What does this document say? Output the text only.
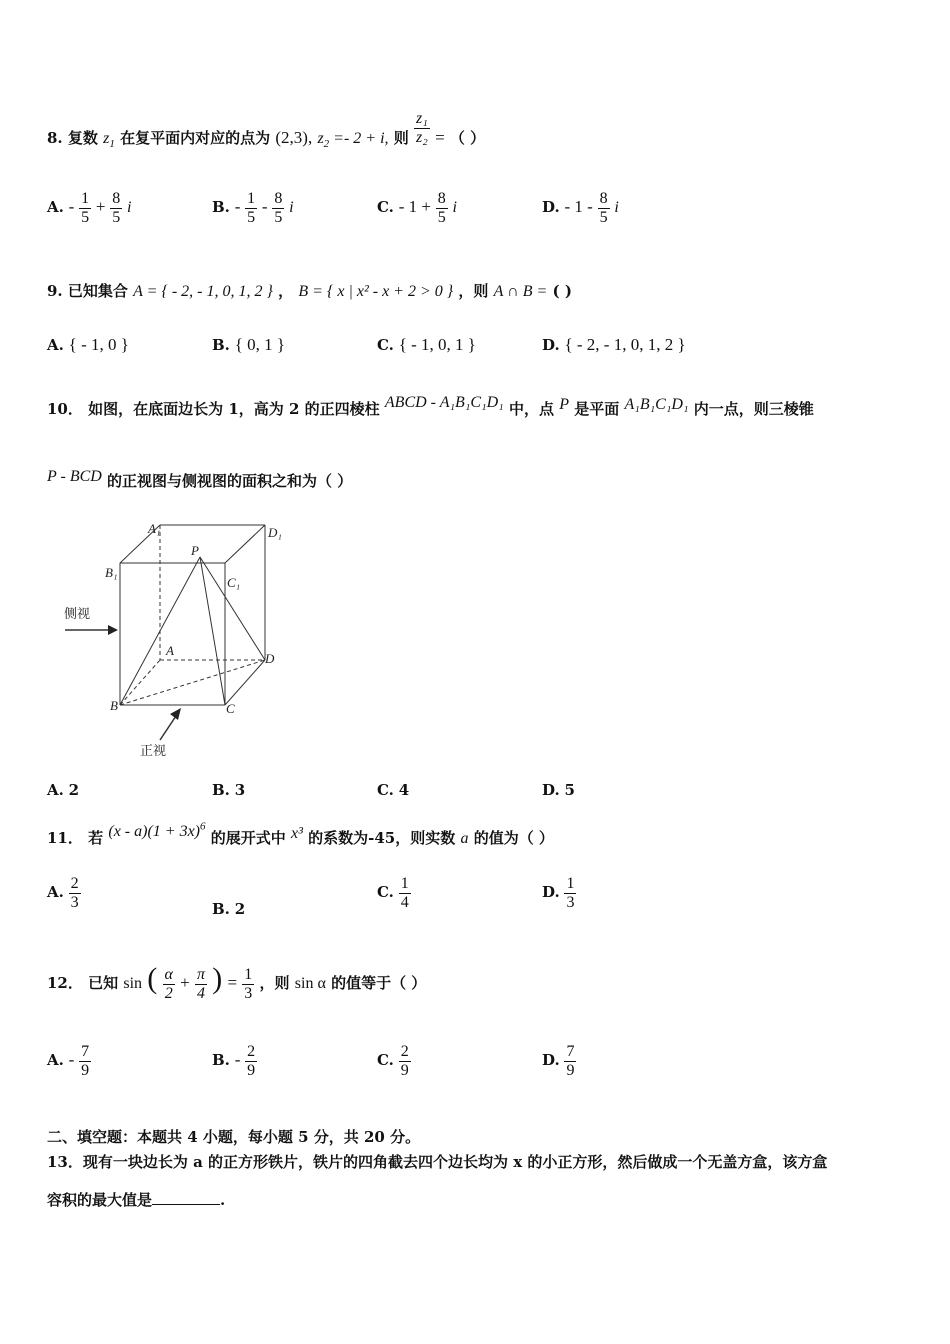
8. 复数 $z_1$ 在复平面内对应的点为 (2,3), $z_2 =- 2 + i$, 则 $\frac{\text{z₁}}{\text{z₂}}$ = （ ）
A. - $\frac{1}{5} + \frac{8}{5}$ i	B. - $\frac{1}{5} - \frac{8}{5}$ i	C. - $1 + \frac{8}{5}$ i	D. - $1 - \frac{8}{5}$ i
9. 已知集合 A = { - 2, - 1, 0, 1, 2 } ， B = { x | x² - x + 2 > 0 } ，则 A ∩ B = ( )
A. { - 1, 0 }	B. { 0, 1 }	C. { - 1, 0, 1 }	D. { - 2, - 1, 0, 1, 2 }
10． 如图，在底面边长为 1，高为 2 的正四棱柱 ABCD - A₁B₁C₁D₁ 中，点 P 是平面 A₁B₁C₁D₁ 内一点，则三棱锥
P - BCD 的正视图与侧视图的面积之和为（ ）
A₁	D₁
B₁
C₁
P
A
D
B	C
侧视
正视
A. 2	B. 3	C. 4	D. 5
11． 若 $(x - a)(1 + 3x)^6$ 的展开式中 x³ 的系数为-45，则实数 a 的值为（ ）
A. $\frac{2}{3}$	B. 2
C. $\frac{1}{4}$	D. $\frac{1}{3}$
12． 已知 sin ( $\frac{\alpha}{2} + \frac{\pi}{4}$ ) = $\frac{1}{3}$ ，则 sin α 的值等于（ ）
A. - $\frac{7}{9}$	B. - $\frac{2}{9}$	C. $\frac{2}{9}$	D. $\frac{7}{9}$
二、填空题：本题共 4 小题，每小题 5 分，共 20 分。
13．现有一块边长为 a 的正方形铁片，铁片的四角截去四个边长均为 x 的小正方形，然后做成一个无盖方盒，该方盒
容积的最大值是	.
